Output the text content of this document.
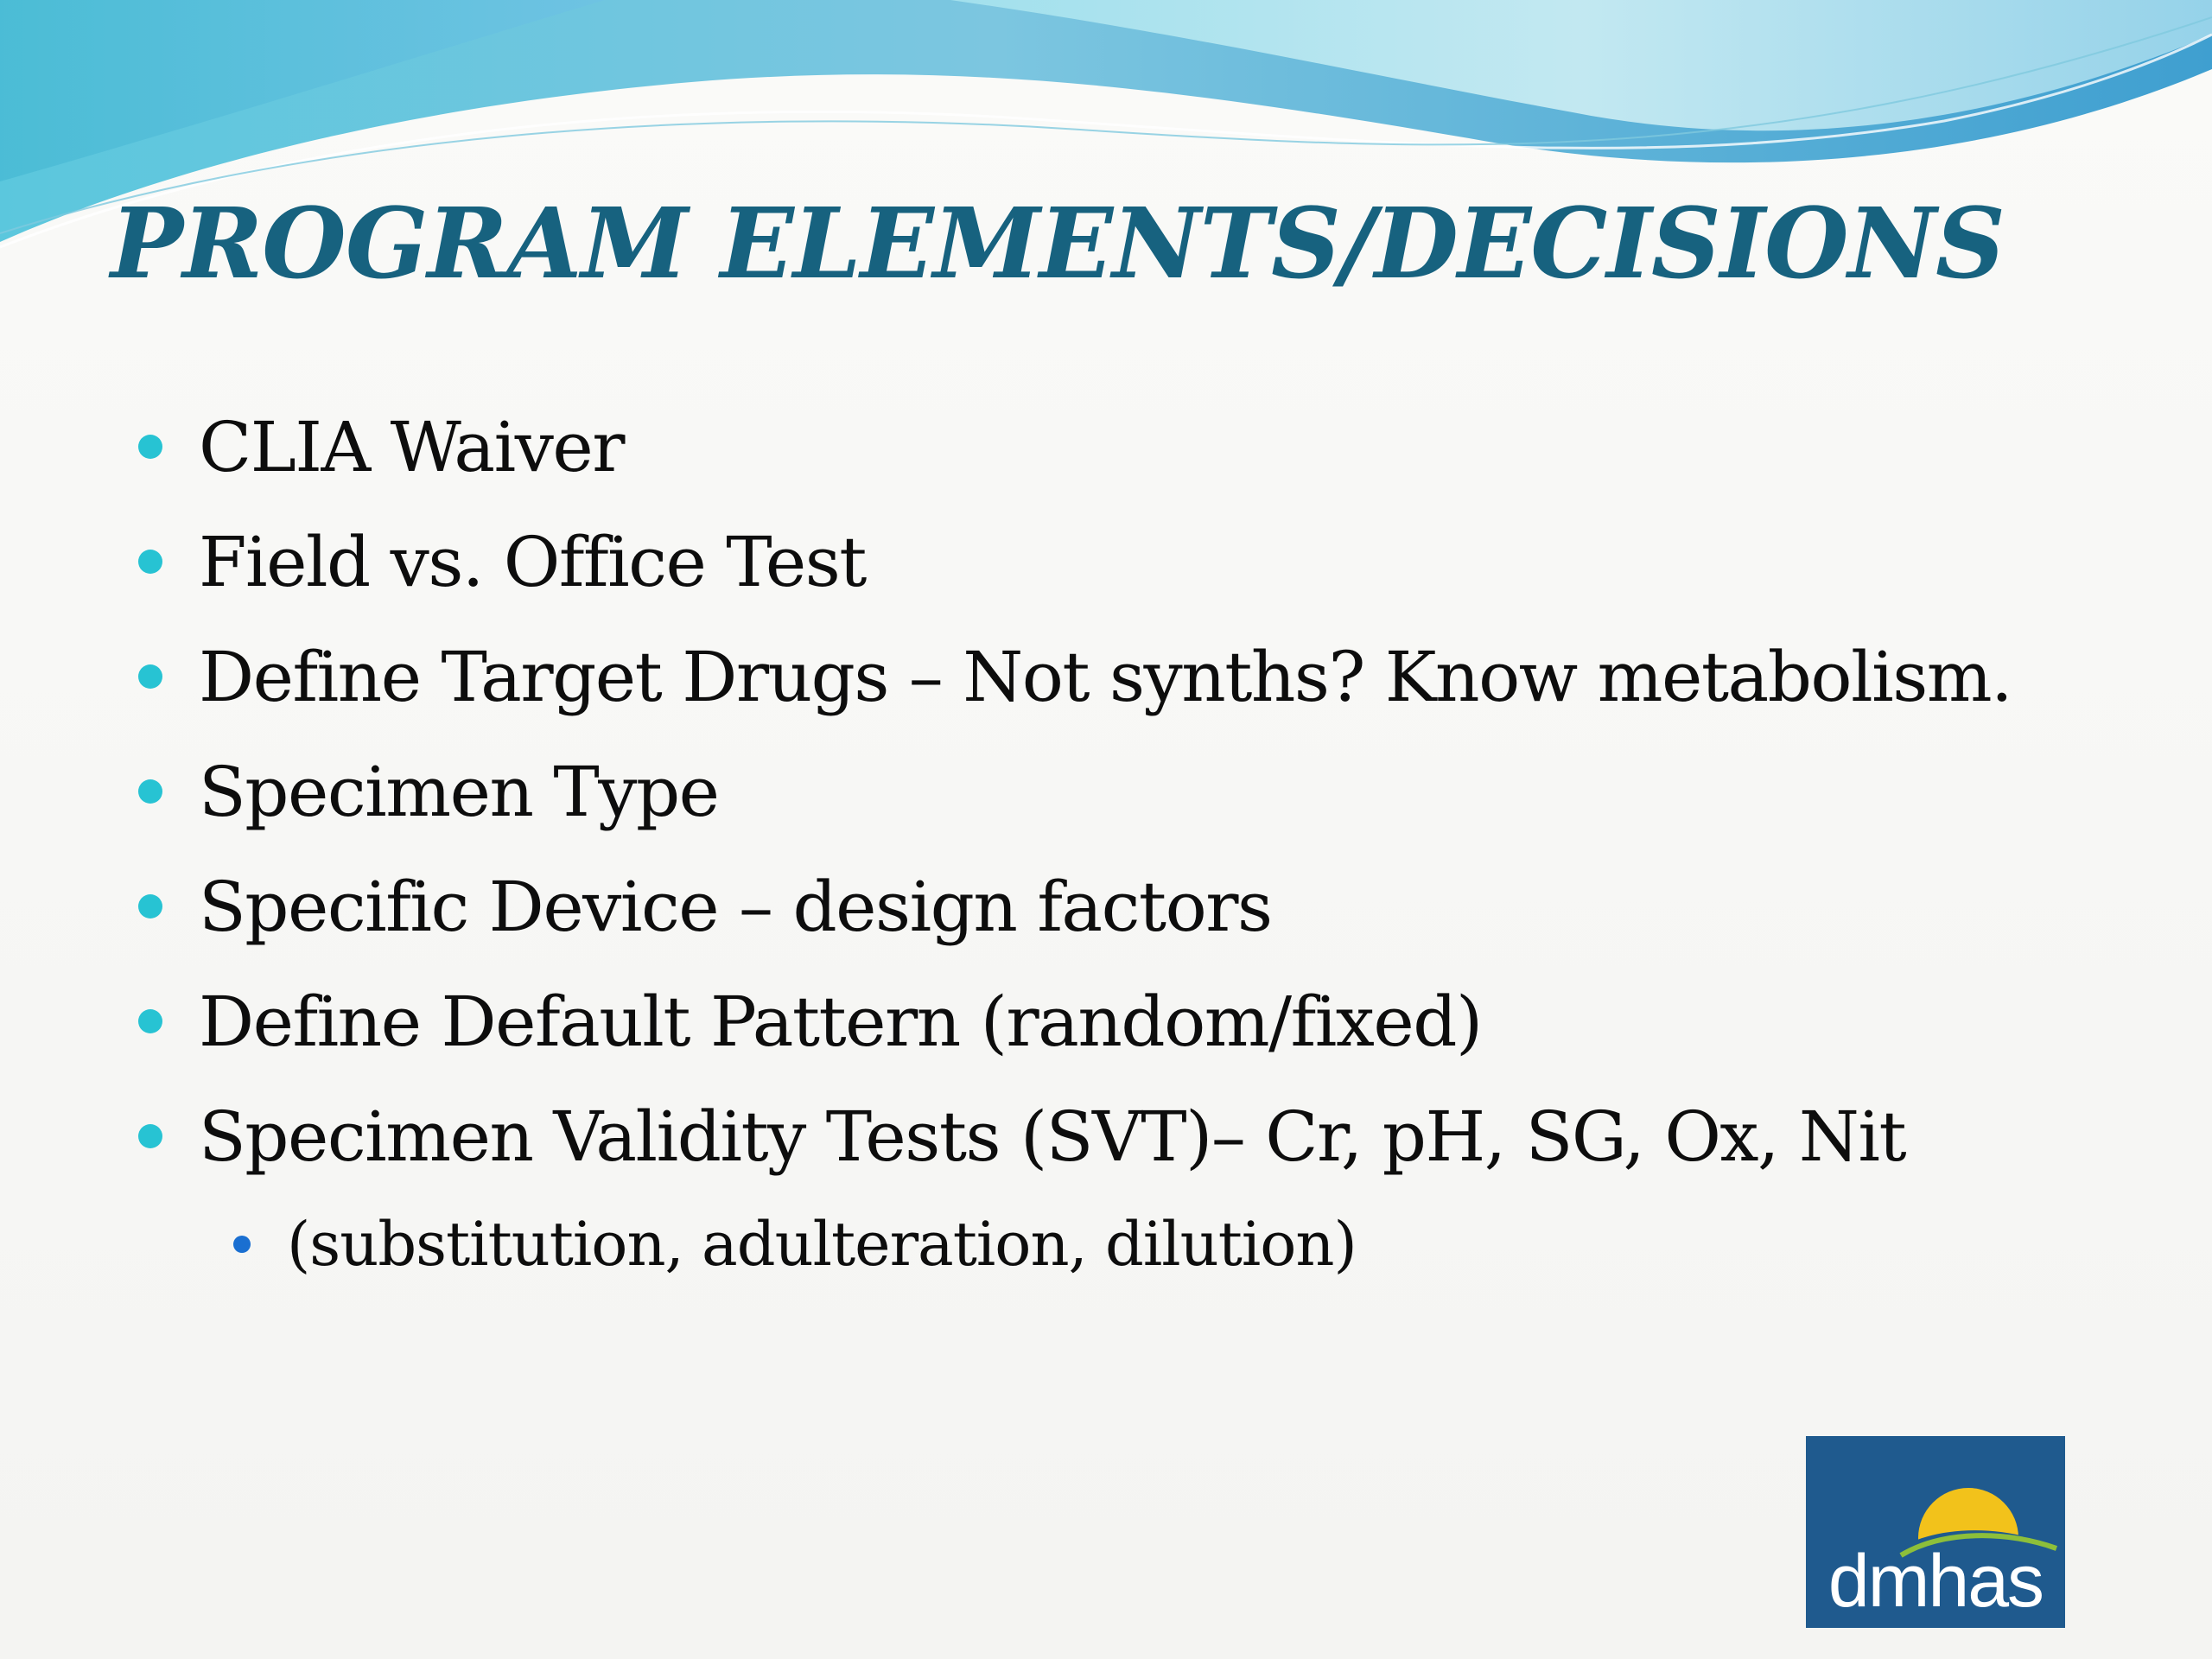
PROGRAM ELEMENTS/DECISIONS
CLIA Waiver
Field vs. Office Test
Define Target Drugs – Not synths? Know metabolism.
Specimen Type
Specific Device – design factors
Define Default Pattern (random/fixed)
Specimen Validity Tests (SVT)– Cr, pH, SG, Ox, Nit
(substitution, adulteration, dilution)
dmhas
